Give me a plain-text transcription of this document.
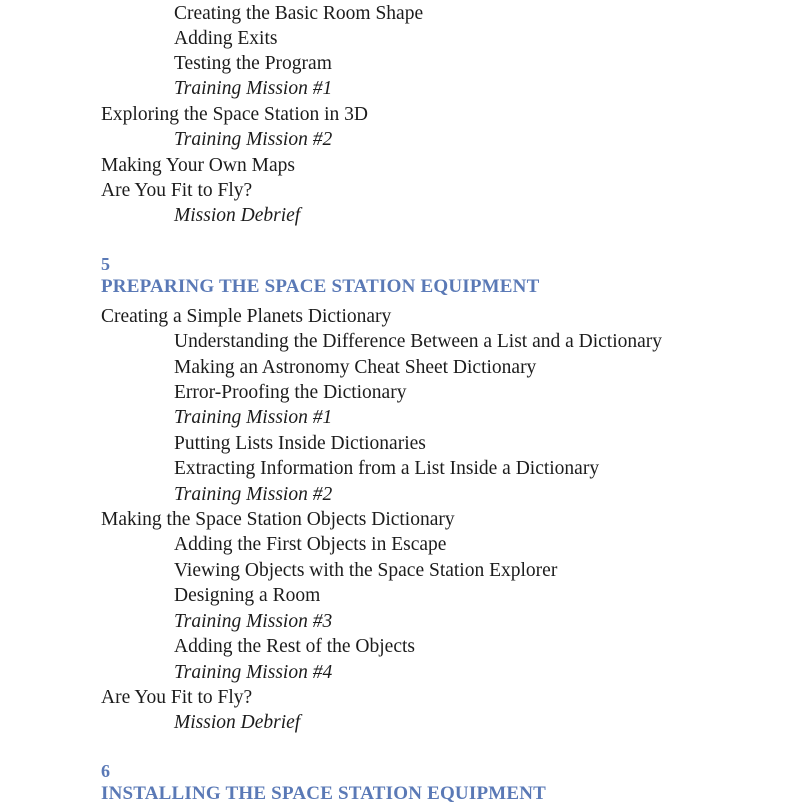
Creating the Basic Room Shape
Adding Exits
Testing the Program
Training Mission #1
Exploring the Space Station in 3D
Training Mission #2
Making Your Own Maps
Are You Fit to Fly?
Mission Debrief
5
PREPARING THE SPACE STATION EQUIPMENT
Creating a Simple Planets Dictionary
Understanding the Difference Between a List and a Dictionary
Making an Astronomy Cheat Sheet Dictionary
Error-Proofing the Dictionary
Training Mission #1
Putting Lists Inside Dictionaries
Extracting Information from a List Inside a Dictionary
Training Mission #2
Making the Space Station Objects Dictionary
Adding the First Objects in Escape
Viewing Objects with the Space Station Explorer
Designing a Room
Training Mission #3
Adding the Rest of the Objects
Training Mission #4
Are You Fit to Fly?
Mission Debrief
6
INSTALLING THE SPACE STATION EQUIPMENT
